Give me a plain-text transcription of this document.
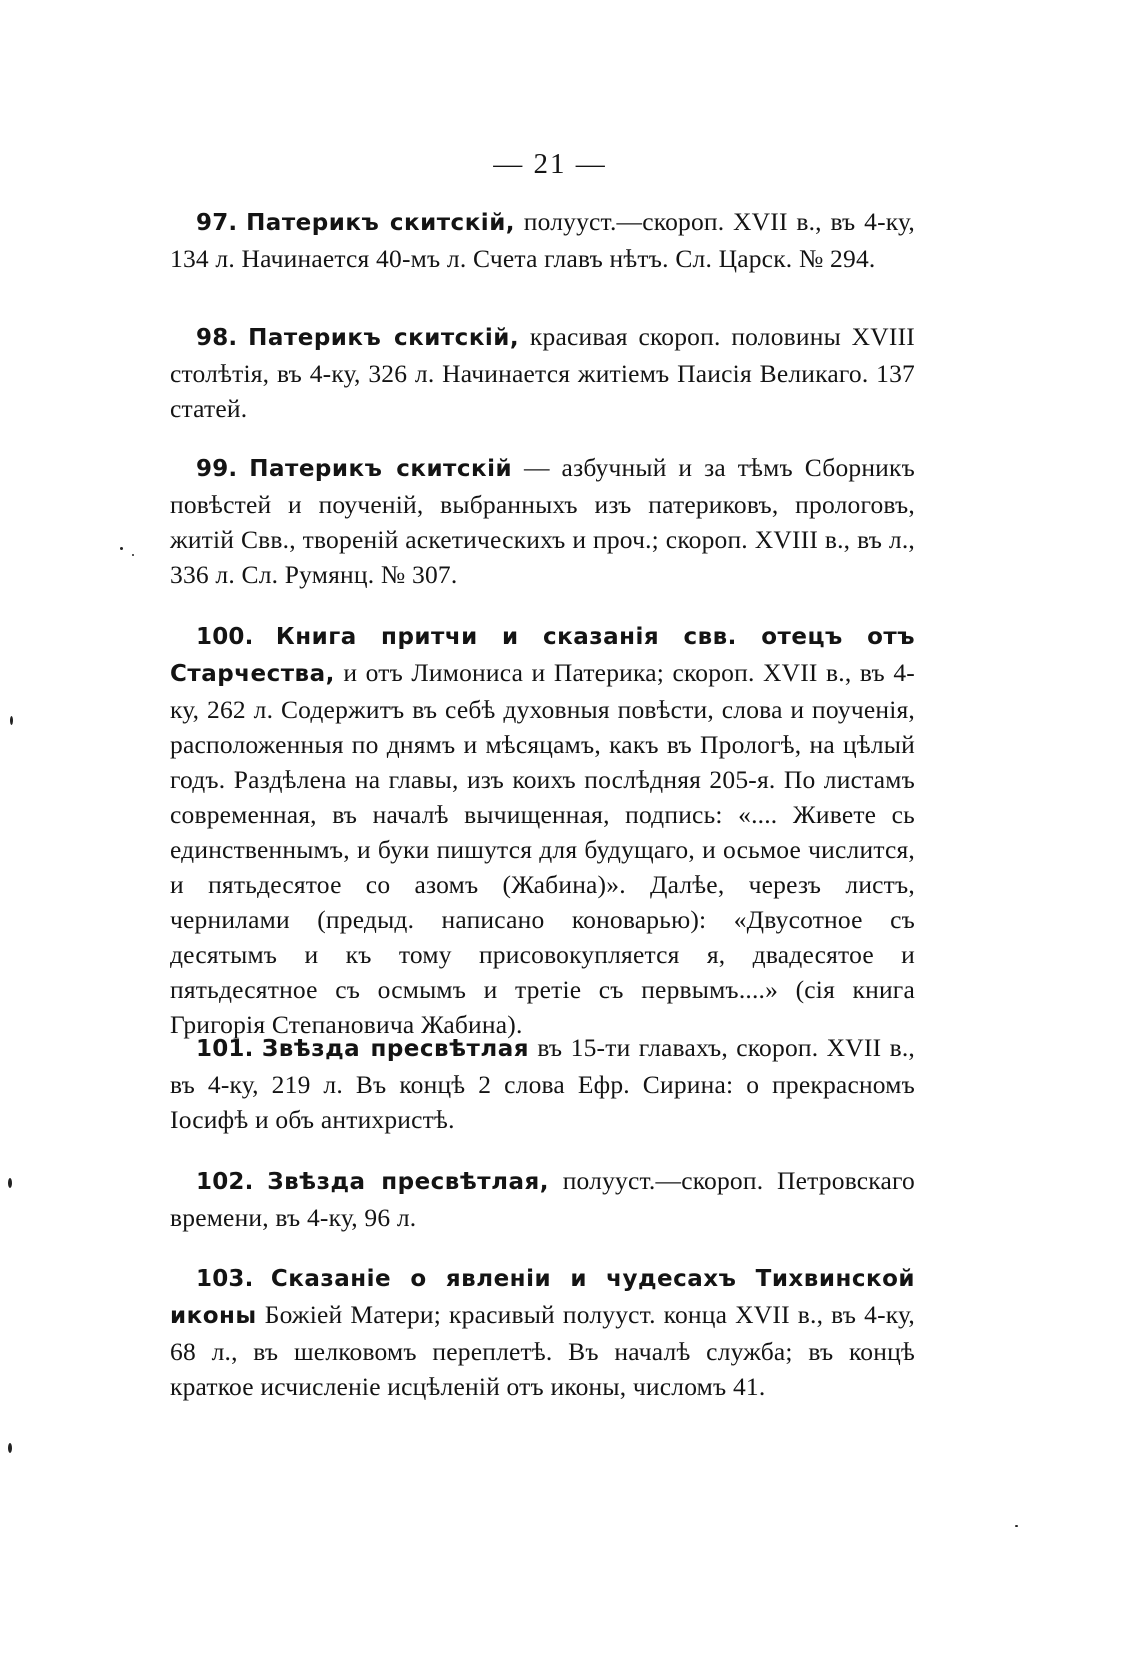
— 21 —
97. Патерикъ скитскій, полууст.—скороп. XVII в., въ 4-ку, 134 л. Начинается 40-мъ л. Счета главъ нѣтъ. Сл. Царск. № 294.
98. Патерикъ скитскій, красивая скороп. половины XVIII столѣтія, въ 4-ку, 326 л. Начинается житіемъ Паисія Великаго. 137 статей.
99. Патерикъ скитскій — азбучный и за тѣмъ Сборникъ повѣстей и поученій, выбранныхъ изъ патериковъ, прологовъ, житій Свв., твореній аскетическихъ и проч.; скороп. XVIII в., въ л., 336 л. Сл. Румянц. № 307.
100. Книга притчи и сказанія свв. отецъ отъ Старчества, и отъ Лимониса и Патерика; скороп. XVII в., въ 4-ку, 262 л. Содержитъ въ себѣ духовныя повѣсти, слова и поученія, расположенныя по днямъ и мѣсяцамъ, какъ въ Прологѣ, на цѣлый годъ. Раздѣлена на главы, изъ коихъ послѣдняя 205-я. По листамъ современная, въ началѣ вычищенная, подпись: «.... Живете сь единственнымъ, и буки пишутся для будущаго, и осьмое числится, и пятьдесятое со азомъ (Жабина)». Далѣе, черезъ листъ, чернилами (предыд. написано коноварью): «Двусотное съ десятымъ и къ тому присовокупляется я, двадесятое и пятьдесятное съ осмымъ и третіе съ первымъ....» (сія книга Григорія Степановича Жабина).
101. Звѣзда пресвѣтлая въ 15-ти главахъ, скороп. XVII в., въ 4-ку, 219 л. Въ концѣ 2 слова Ефр. Сирина: о прекрасномъ Іосифѣ и объ антихристѣ.
102. Звѣзда пресвѣтлая, полууст.—скороп. Петровскаго времени, въ 4-ку, 96 л.
103. Сказаніе о явленіи и чудесахъ Тихвинской иконы Божіей Матери; красивый полууст. конца XVII в., въ 4-ку, 68 л., въ шелковомъ переплетѣ. Въ началѣ служба; въ концѣ краткое исчисленіе исцѣленій отъ иконы, числомъ 41.
